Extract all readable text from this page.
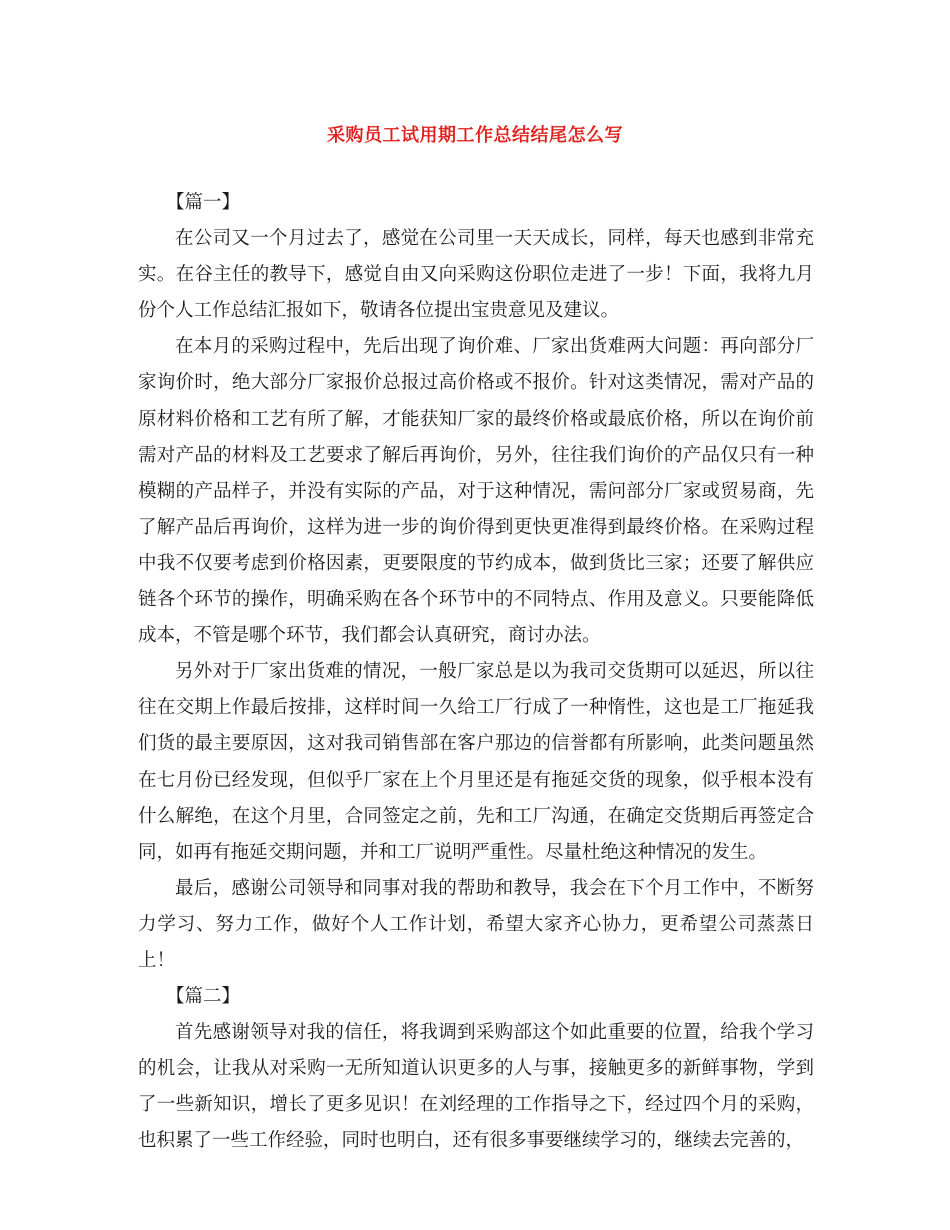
采购员工试用期工作总结结尾怎么写

【篇一】

在公司又一个月过去了，感觉在公司里一天天成长，同样，每天也感到非常充实。在谷主任的教导下，感觉自由又向采购这份职位走进了一步！下面，我将九月份个人工作总结汇报如下，敬请各位提出宝贵意见及建议。

在本月的采购过程中，先后出现了询价难、厂家出货难两大问题：再向部分厂家询价时，绝大部分厂家报价总报过高价格或不报价。针对这类情况，需对产品的原材料价格和工艺有所了解，才能获知厂家的最终价格或最底价格，所以在询价前需对产品的材料及工艺要求了解后再询价，另外，往往我们询价的产品仅只有一种模糊的产品样子，并没有实际的产品，对于这种情况，需问部分厂家或贸易商，先了解产品后再询价，这样为进一步的询价得到更快更准得到最终价格。在采购过程中我不仅要考虑到价格因素，更要限度的节约成本，做到货比三家；还要了解供应链各个环节的操作，明确采购在各个环节中的不同特点、作用及意义。只要能降低成本，不管是哪个环节，我们都会认真研究，商讨办法。

另外对于厂家出货难的情况，一般厂家总是以为我司交货期可以延迟，所以往往在交期上作最后按排，这样时间一久给工厂行成了一种惰性，这也是工厂拖延我们货的最主要原因，这对我司销售部在客户那边的信誉都有所影响，此类问题虽然在七月份已经发现，但似乎厂家在上个月里还是有拖延交货的现象，似乎根本没有什么解绝，在这个月里，合同签定之前，先和工厂沟通，在确定交货期后再签定合同，如再有拖延交期问题，并和工厂说明严重性。尽量杜绝这种情况的发生。

最后，感谢公司领导和同事对我的帮助和教导，我会在下个月工作中，不断努力学习、努力工作，做好个人工作计划，希望大家齐心协力，更希望公司蒸蒸日上！

【篇二】

首先感谢领导对我的信任，将我调到采购部这个如此重要的位置，给我个学习的机会，让我从对采购一无所知道认识更多的人与事，接触更多的新鲜事物，学到了一些新知识，增长了更多见识！在刘经理的工作指导之下，经过四个月的采购，也积累了一些工作经验，同时也明白，还有很多事要继续学习的，继续去完善的，
